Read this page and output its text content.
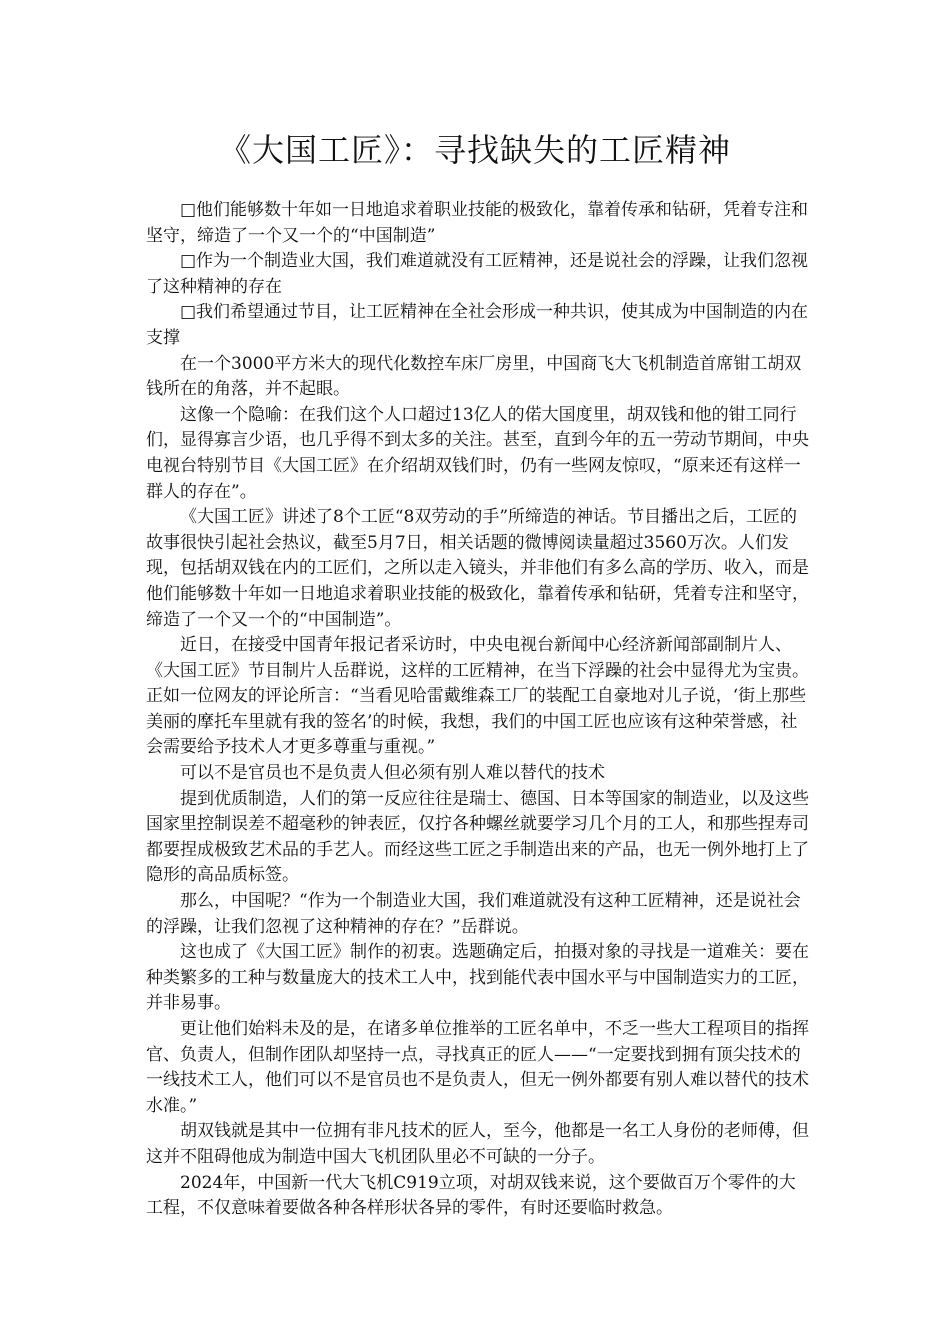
《大国工匠》：寻找缺失的工匠精神

□他们能够数十年如一日地追求着职业技能的极致化，靠着传承和钻研，凭着专注和坚守，缔造了一个又一个的“中国制造”

□作为一个制造业大国，我们难道就没有工匠精神，还是说社会的浮躁，让我们忽视了这种精神的存在

□我们希望通过节目，让工匠精神在全社会形成一种共识，使其成为中国制造的内在支撑

在一个3000平方米大的现代化数控车床厂房里，中国商飞大飞机制造首席钳工胡双钱所在的角落，并不起眼。

这像一个隐喻：在我们这个人口超过13亿人的偌大国度里，胡双钱和他的钳工同行们，显得寡言少语，也几乎得不到太多的关注。甚至，直到今年的五一劳动节期间，中央电视台特别节目《大国工匠》在介绍胡双钱们时，仍有一些网友惊叹，“原来还有这样一群人的存在”。

《大国工匠》讲述了8个工匠“8双劳动的手”所缔造的神话。节目播出之后，工匠的故事很快引起社会热议，截至5月7日，相关话题的微博阅读量超过3560万次。人们发现，包括胡双钱在内的工匠们，之所以走入镜头，并非他们有多么高的学历、收入，而是他们能够数十年如一日地追求着职业技能的极致化，靠着传承和钻研，凭着专注和坚守，缔造了一个又一个的“中国制造”。

近日，在接受中国青年报记者采访时，中央电视台新闻中心经济新闻部副制片人、《大国工匠》节目制片人岳群说，这样的工匠精神，在当下浮躁的社会中显得尤为宝贵。正如一位网友的评论所言：“当看见哈雷戴维森工厂的装配工自豪地对儿子说，‘街上那些美丽的摩托车里就有我的签名’的时候，我想，我们的中国工匠也应该有这种荣誉感，社会需要给予技术人才更多尊重与重视。”

可以不是官员也不是负责人但必须有别人难以替代的技术

提到优质制造，人们的第一反应往往是瑞士、德国、日本等国家的制造业，以及这些国家里控制误差不超毫秒的钟表匠，仅拧各种螺丝就要学习几个月的工人，和那些捏寿司都要捏成极致艺术品的手艺人。而经这些工匠之手制造出来的产品，也无一例外地打上了隐形的高品质标签。

那么，中国呢？“作为一个制造业大国，我们难道就没有这种工匠精神，还是说社会的浮躁，让我们忽视了这种精神的存在？”岳群说。

这也成了《大国工匠》制作的初衷。选题确定后，拍摄对象的寻找是一道难关：要在种类繁多的工种与数量庞大的技术工人中，找到能代表中国水平与中国制造实力的工匠，并非易事。

更让他们始料未及的是，在诸多单位推举的工匠名单中，不乏一些大工程项目的指挥官、负责人，但制作团队却坚持一点，寻找真正的匠人——“一定要找到拥有顶尖技术的一线技术工人，他们可以不是官员也不是负责人，但无一例外都要有别人难以替代的技术水准。”

胡双钱就是其中一位拥有非凡技术的匠人，至今，他都是一名工人身份的老师傅，但这并不阻碍他成为制造中国大飞机团队里必不可缺的一分子。

2024年，中国新一代大飞机C919立项，对胡双钱来说，这个要做百万个零件的大工程，不仅意味着要做各种各样形状各异的零件，有时还要临时救急。
